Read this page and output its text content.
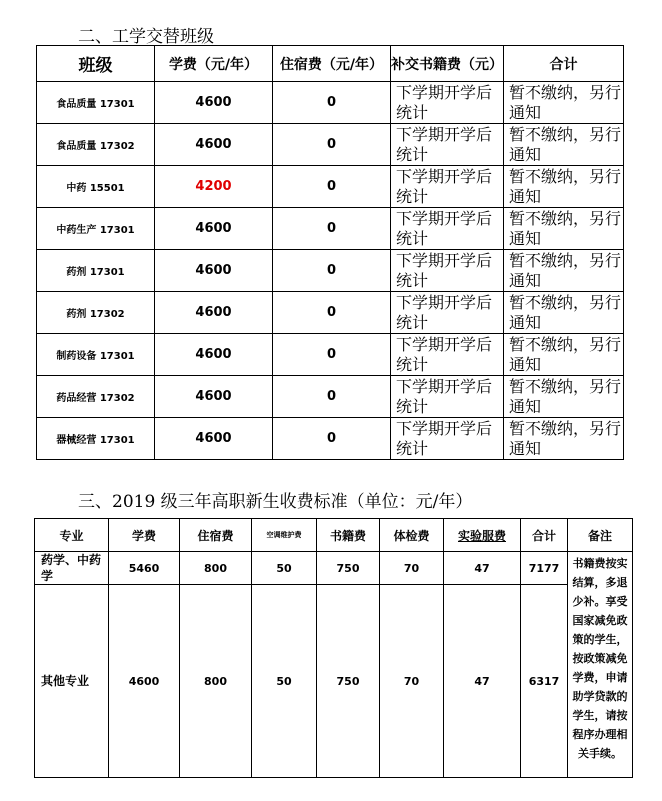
二、工学交替班级
班级	学费（元/年）	住宿费（元/年）	补交书籍费（元）	合计
食品质量 17301	4600	0	下学期开学后统计	暂不缴纳，另行通知
食品质量 17302	4600	0	下学期开学后统计	暂不缴纳，另行通知
中药 15501	4200	0	下学期开学后统计	暂不缴纳，另行通知
中药生产 17301	4600	0	下学期开学后统计	暂不缴纳，另行通知
药剂 17301	4600	0	下学期开学后统计	暂不缴纳，另行通知
药剂 17302	4600	0	下学期开学后统计	暂不缴纳，另行通知
制药设备 17301	4600	0	下学期开学后统计	暂不缴纳，另行通知
药品经营 17302	4600	0	下学期开学后统计	暂不缴纳，另行通知
器械经营 17301	4600	0	下学期开学后统计	暂不缴纳，另行通知
三、2019 级三年高职新生收费标准（单位：元/年）
专业	学费	住宿费	空调维护费	书籍费	体检费	实验服费	合计	备注
药学、中药学	5460	800	50	750	70	47	7177	书籍费按实结算，多退少补。享受国家减免政策的学生，按政策减免学费，申请助学贷款的学生，请按程序办理相关手续。
其他专业	4600	800	50	750	70	47	6317	
